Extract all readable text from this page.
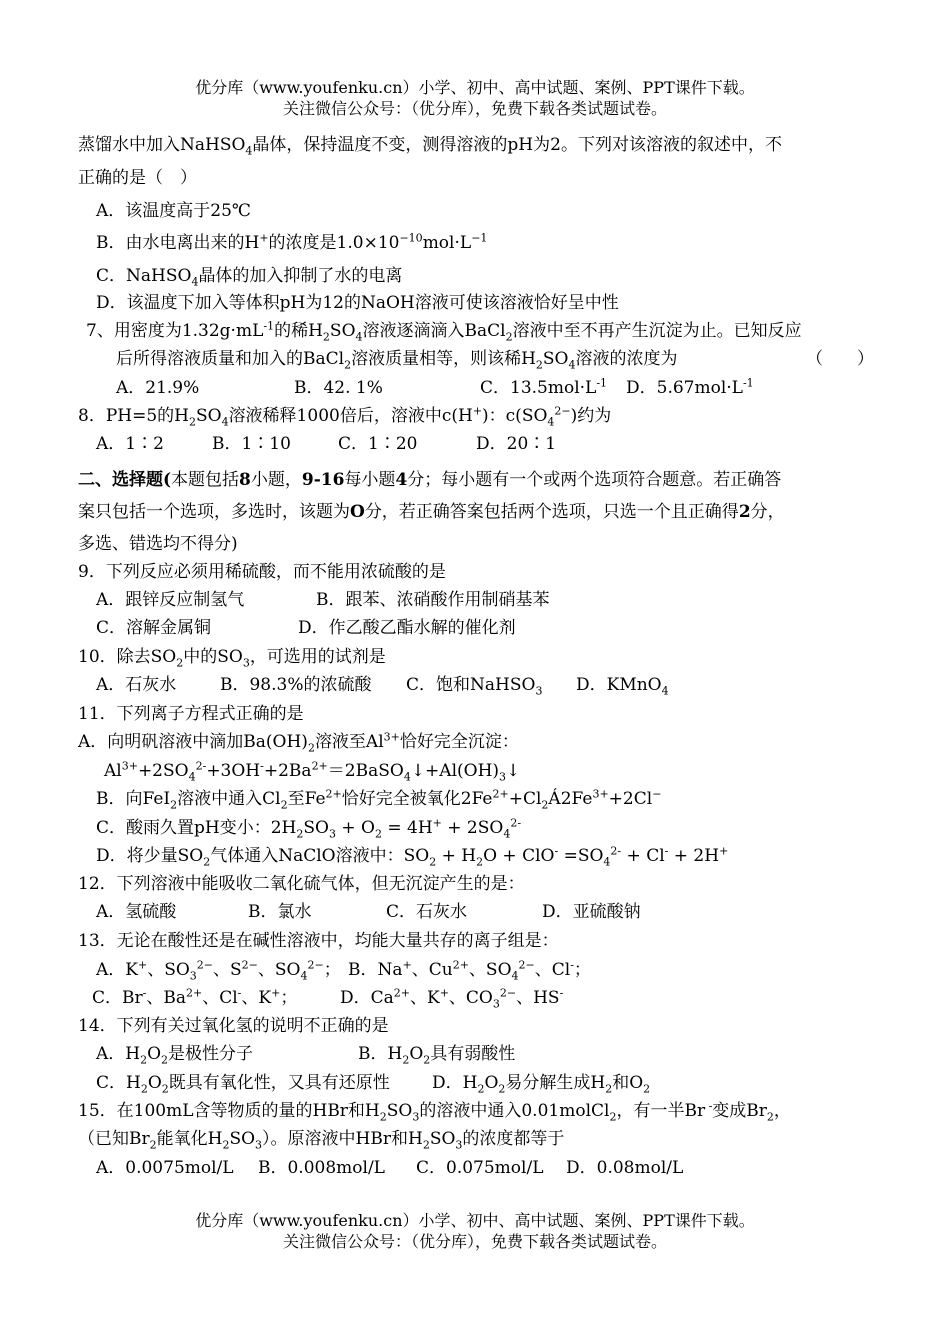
优分库（www.youfenku.cn）小学、初中、高中试题、案例、PPT课件下载。
关注微信公众号：（优分库），免费下载各类试题试卷。
蒸馏水中加入NaHSO$_4$晶体，保持温度不变，测得溶液的pH为2。下列对该溶液的叙述中，不
正确的是（　）
A．该温度高于25℃
B．由水电离出来的H+的浓度是$1.0\times 10^{-10}mol\cdot L^{-1}$
C．NaHSO$_4$晶体的加入抑制了水的电离
D．该温度下加入等体积pH为12的NaOH溶液可使该溶液恰好呈中性
7、用密度为$1.32g\cdot mL^{-1}$的稀$H_2SO_4$溶液逐滴滴入BaCl$_2$溶液中至不再产生沉淀为止。已知反应
后所得溶液质量和加入的BaCl$_2$溶液质量相等，则该稀$H_2SO_4$溶液的浓度为	（　　）
A．21.9%	B．42. 1%	C．$13.5mol\cdot L^{-1}$ D．$5.67mol\cdot L^{-1}$
8．PH=5的$H_2SO_4$溶液稀释1000倍后，溶液中c(H+)：$c(SO_4^{2-})$约为
A．1∶2	B．1∶10	C．1∶20	D．20∶1
二、选择题(本题包括8小题，9-16每小题4分；每小题有一个或两个选项符合题意。若正确答
案只包括一个选项，多选时，该题为O分，若正确答案包括两个选项，只选一个且正确得2分，
多选、错选均不得分)
9．下列反应必须用稀硫酸，而不能用浓硫酸的是
A．跟锌反应制氢气	B．跟苯、浓硝酸作用制硝基苯
C．溶解金属铜	D．作乙酸乙酯水解的催化剂
10．除去$SO_2$中的$SO_3$，可选用的试剂是
A．石灰水	B．98.3%的浓硫酸 C．饱和NaHSO$_3$ D．KMnO$_4$
11．下列离子方程式正确的是
A．向明矾溶液中滴加$Ba(OH)_2$溶液至$Al^{3+}$恰好完全沉淀：
$Al^{3+}+2SO_4^{2-}+3OH^-+2Ba^{2+}=2BaSO_4↓+Al(OH)_3↓$
B．向FeI$_2$溶液中通入$Cl_2$至$Fe^{2+}$恰好完全被氧化$2Fe^{2+}+Cl_2Á2Fe^{3+}+2Cl^-$
C．酸雨久置pH变小：$2H_2SO_3 + O_2 = 4H^+ + 2SO_4^{2-}$
D．将少量$SO_2$气体通入NaClO溶液中：$SO_2 + H_2O + ClO^- =SO_4^{2-} + Cl^- + 2H^+$
12．下列溶液中能吸收二氧化硫气体，但无沉淀产生的是：
A．氢硫酸	B．氯水	C．石灰水	D．亚硫酸钠
13．无论在酸性还是在碱性溶液中，均能大量共存的离子组是：
A．K+、$SO_3^{2-}$、$S^{2-}$、$SO_4^{2-}$； B．Na+、$Cu^{2+}$、$SO_4^{2-}$、Cl-；
C．Br-、$Ba^{2+}$、Cl-、K+；	D．$Ca^{2+}$、K+、$CO_3^{2-}$、HS-
14．下列有关过氧化氢的说明不正确的是
A．$H_2O_2$是极性分子	B．$H_2O_2$具有弱酸性
C．$H_2O_2$既具有氧化性，又具有还原性 D．$H_2O_2$易分解生成$H_2$和$O_2$
15．在100mL含等物质的量的HBr和$H_2SO_3$的溶液中通入0.01molCl$_2$，有一半Br -变成$Br_2$，
（已知$Br_2$能氧化$H_2SO_3$）。原溶液中HBr和$H_2SO_3$的浓度都等于
A．0.0075mol/L B．0.008mol/L C．0.075mol/L D．0.08mol/L
优分库（www.youfenku.cn）小学、初中、高中试题、案例、PPT课件下载。
关注微信公众号：（优分库），免费下载各类试题试卷。
